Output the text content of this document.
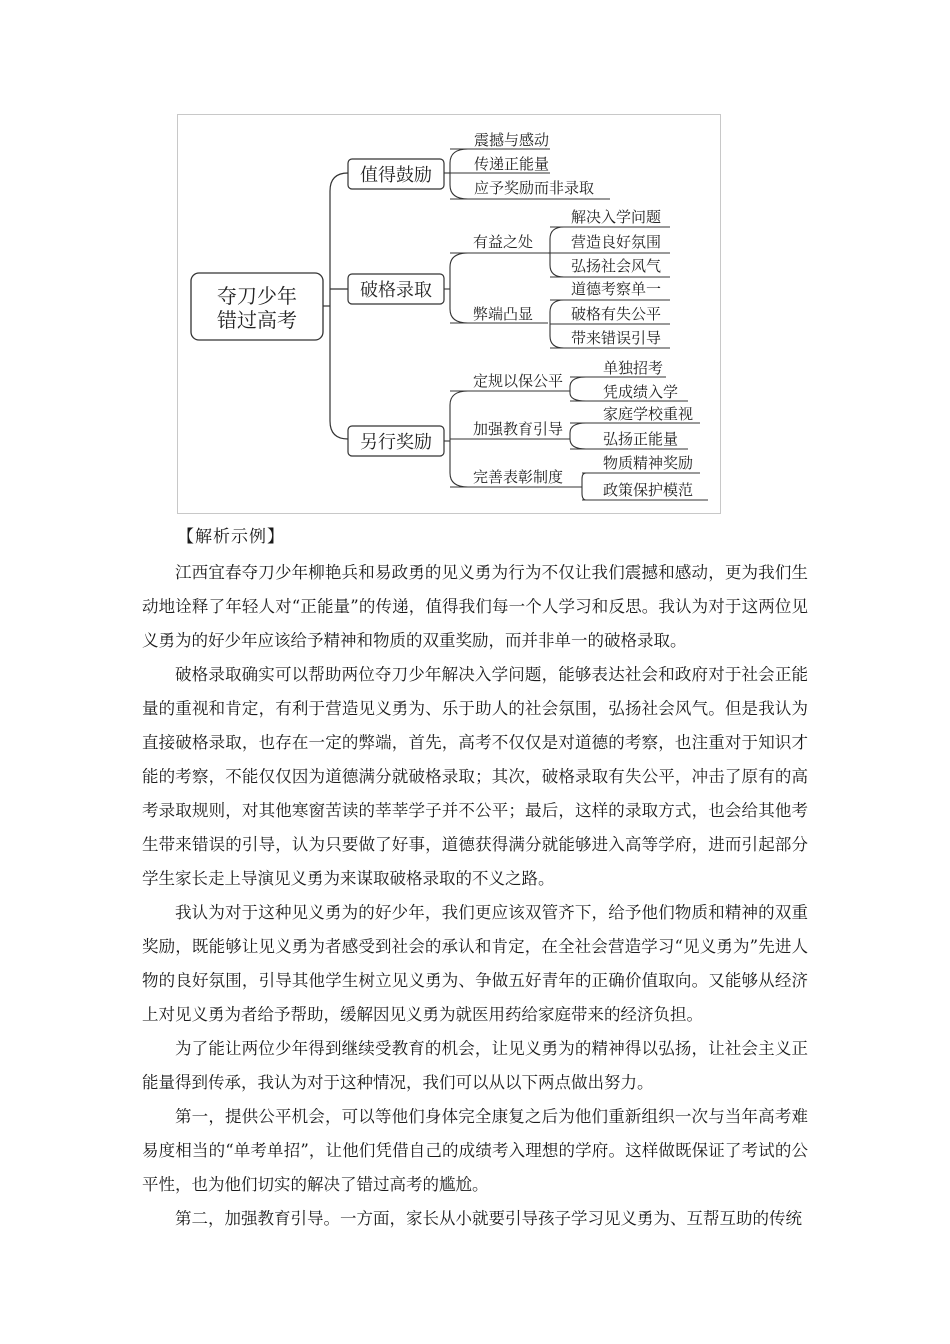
夺刀少年
错过高考
值得鼓励
破格录取
另行奖励
震撼与感动
传递正能量
应予奖励而非录取
有益之处
解决入学问题
营造良好氛围
弘扬社会风气
弊端凸显
道德考察单一
破格有失公平
带来错误引导
定规以保公平
单独招考
凭成绩入学
加强教育引导
家庭学校重视
弘扬正能量
完善表彰制度
物质精神奖励
政策保护模范
【解析示例】

江西宜春夺刀少年柳艳兵和易政勇的见义勇为行为不仅让我们震撼和感动，更为我们生动地诠释了年轻人对“正能量”的传递，值得我们每一个人学习和反思。我认为对于这两位见义勇为的好少年应该给予精神和物质的双重奖励，而并非单一的破格录取。

破格录取确实可以帮助两位夺刀少年解决入学问题，能够表达社会和政府对于社会正能量的重视和肯定，有利于营造见义勇为、乐于助人的社会氛围，弘扬社会风气。但是我认为直接破格录取，也存在一定的弊端，首先，高考不仅仅是对道德的考察，也注重对于知识才能的考察，不能仅仅因为道德满分就破格录取；其次，破格录取有失公平，冲击了原有的高考录取规则，对其他寒窗苦读的莘莘学子并不公平；最后，这样的录取方式，也会给其他考生带来错误的引导，认为只要做了好事，道德获得满分就能够进入高等学府，进而引起部分学生家长走上导演见义勇为来谋取破格录取的不义之路。

我认为对于这种见义勇为的好少年，我们更应该双管齐下，给予他们物质和精神的双重奖励，既能够让见义勇为者感受到社会的承认和肯定，在全社会营造学习“见义勇为”先进人物的良好氛围，引导其他学生树立见义勇为、争做五好青年的正确价值取向。又能够从经济上对见义勇为者给予帮助，缓解因见义勇为就医用药给家庭带来的经济负担。

为了能让两位少年得到继续受教育的机会，让见义勇为的精神得以弘扬，让社会主义正能量得到传承，我认为对于这种情况，我们可以从以下两点做出努力。

第一，提供公平机会，可以等他们身体完全康复之后为他们重新组织一次与当年高考难易度相当的“单考单招”，让他们凭借自己的成绩考入理想的学府。这样做既保证了考试的公平性，也为他们切实的解决了错过高考的尴尬。

第二，加强教育引导。一方面，家长从小就要引导孩子学习见义勇为、互帮互助的传统
